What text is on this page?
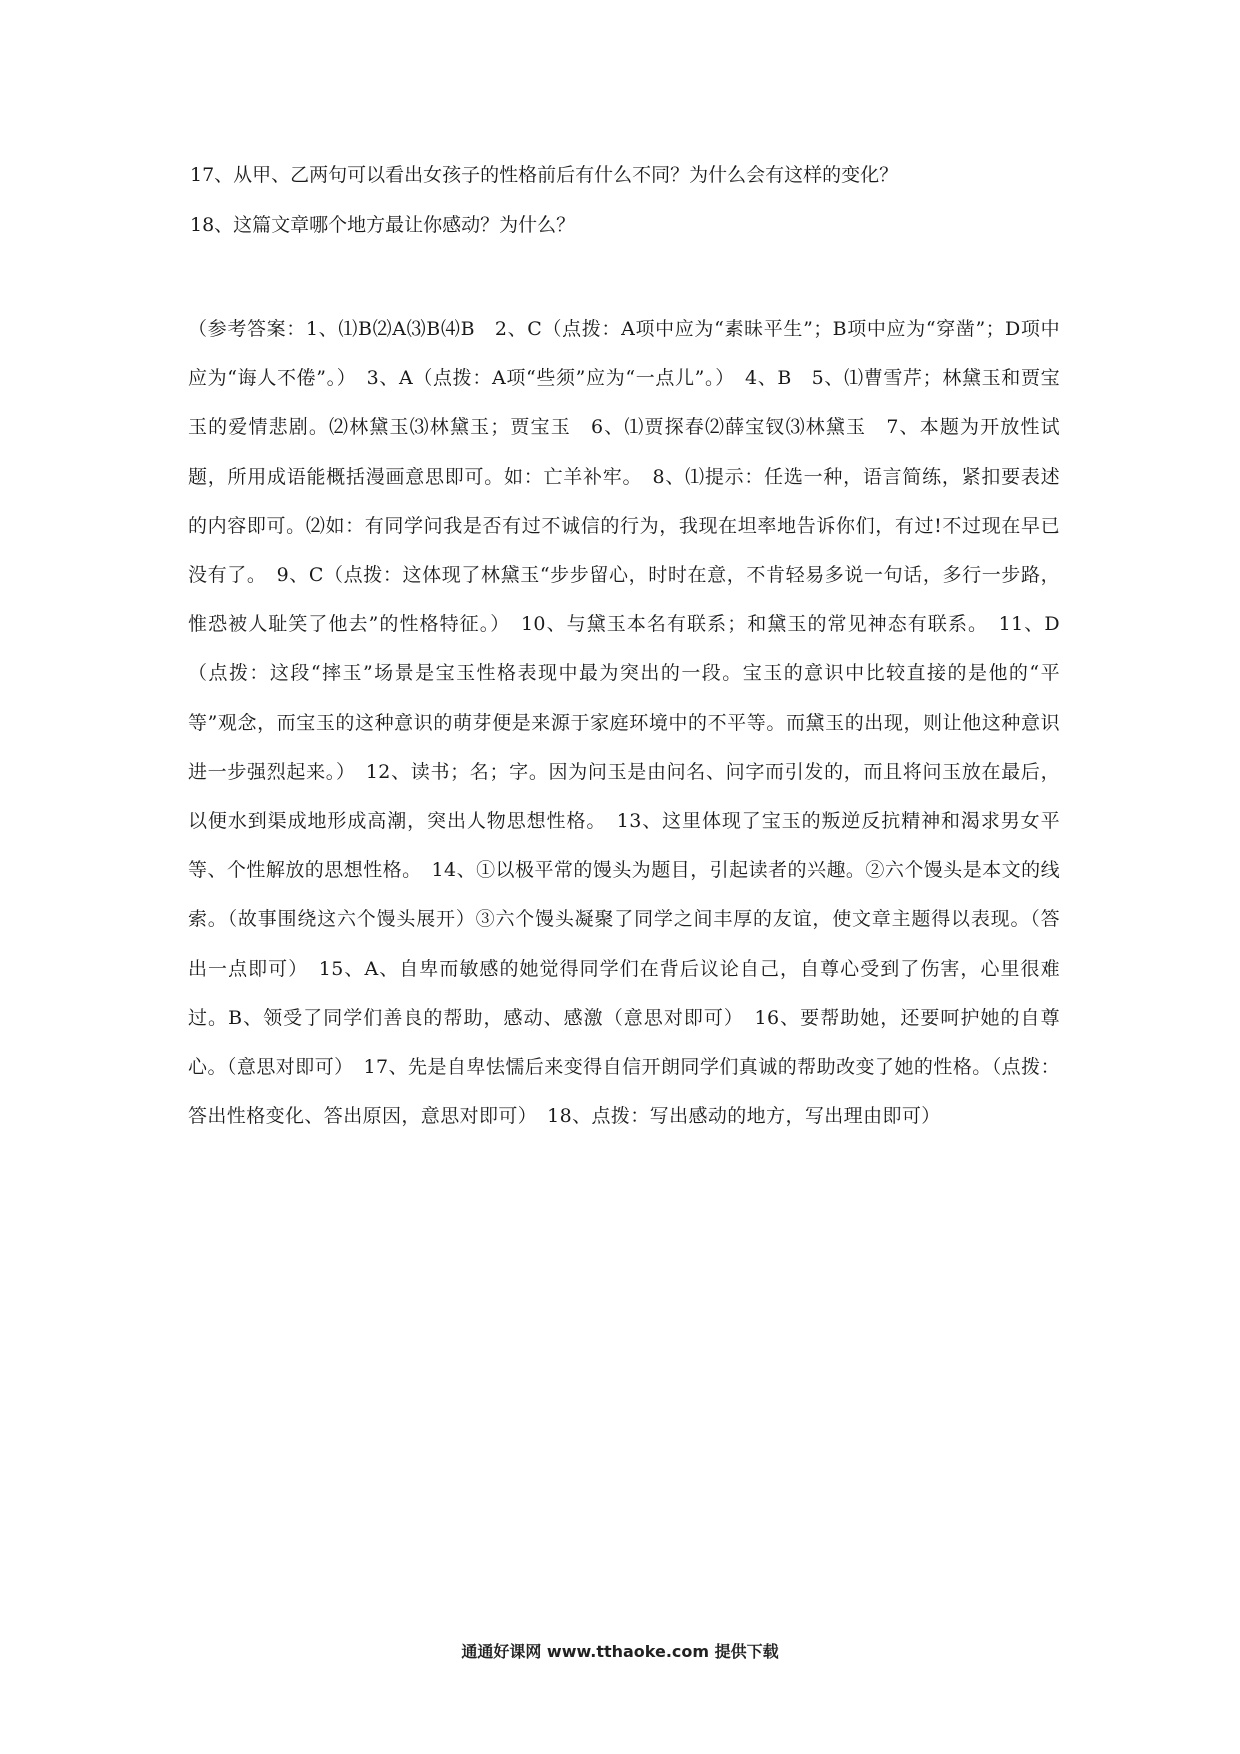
17、从甲、乙两句可以看出女孩子的性格前后有什么不同？为什么会有这样的变化？
18、这篇文章哪个地方最让你感动？为什么？
（参考答案：1、⑴B⑵A⑶B⑷B　2、C（点拨：A项中应为“素昧平生”；B项中应为“穿凿”；D项中应为“诲人不倦”。）　3、A（点拨：A项“些须”应为“一点儿”。）　4、B　5、⑴曹雪芹；林黛玉和贾宝玉的爱情悲剧。⑵林黛玉⑶林黛玉；贾宝玉　6、⑴贾探春⑵薛宝钗⑶林黛玉　7、本题为开放性试题，所用成语能概括漫画意思即可。如：亡羊补牢。　8、⑴提示：任选一种，语言简练，紧扣要表述的内容即可。⑵如：有同学问我是否有过不诚信的行为，我现在坦率地告诉你们，有过!不过现在早已没有了。　9、C（点拨：这体现了林黛玉“步步留心，时时在意，不肯轻易多说一句话，多行一步路，惟恐被人耻笑了他去”的性格特征。）　10、与黛玉本名有联系；和黛玉的常见神态有联系。　11、D（点拨：这段“摔玉”场景是宝玉性格表现中最为突出的一段。宝玉的意识中比较直接的是他的“平等”观念，而宝玉的这种意识的萌芽便是来源于家庭环境中的不平等。而黛玉的出现，则让他这种意识进一步强烈起来。）　12、读书；名；字。因为问玉是由问名、问字而引发的，而且将问玉放在最后，以便水到渠成地形成高潮，突出人物思想性格。　13、这里体现了宝玉的叛逆反抗精神和渴求男女平等、个性解放的思想性格。　14、①以极平常的馒头为题目，引起读者的兴趣。②六个馒头是本文的线索。（故事围绕这六个馒头展开）③六个馒头凝聚了同学之间丰厚的友谊，使文章主题得以表现。（答出一点即可）　15、A、自卑而敏感的她觉得同学们在背后议论自己，自尊心受到了伤害，心里很难过。B、领受了同学们善良的帮助，感动、感激（意思对即可）　16、要帮助她，还要呵护她的自尊心。（意思对即可）　17、先是自卑怯懦后来变得自信开朗同学们真诚的帮助改变了她的性格。（点拨：答出性格变化、答出原因，意思对即可）　18、点拨：写出感动的地方，写出理由即可）
通通好课网 www.tthaoke.com 提供下载
